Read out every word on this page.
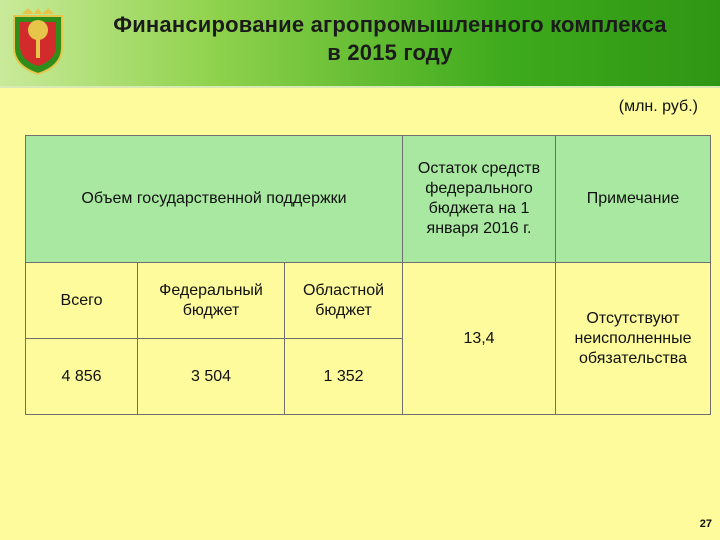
Финансирование агропромышленного комплекса
в 2015 году
(млн. руб.)
Объем государственной поддержки			Остаток средств федерального бюджета на 1 января 2016 г.	Примечание
Всего	Федеральный бюджет	Областной бюджет	13,4	Отсутствуют неисполненные обязательства
4 856	3 504	1 352		
27
